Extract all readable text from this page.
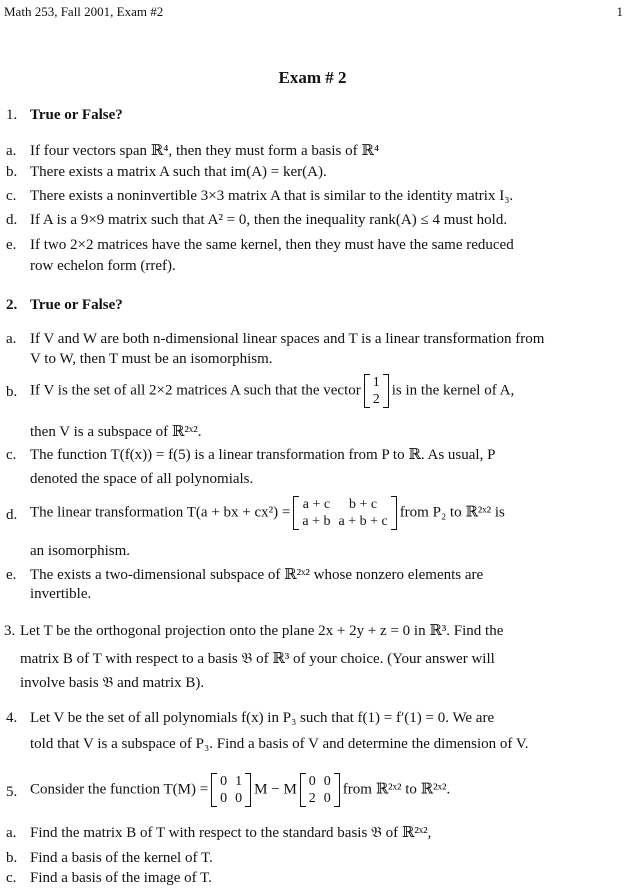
Math 253, Fall 2001, Exam #2	1
Exam # 2
1. True or False?
a. If four vectors span ℝ⁴, then they must form a basis of ℝ⁴
b. There exists a matrix A such that im(A) = ker(A).
c. There exists a noninvertible 3×3 matrix A that is similar to the identity matrix I₃.
d. If A is a 9×9 matrix such that A² = 0, then the inequality rank(A) ≤ 4 must hold.
e. If two 2×2 matrices have the same kernel, then they must have the same reduced
row echelon form (rref).
2. True or False?
a. If V and W are both n-dimensional linear spaces and T is a linear transformation from
V to W, then T must be an isomorphism.
b. If V is the set of all 2×2 matrices A such that the vector 1
2
is in the kernel of A,
then V is a subspace of ℝ²ˣ².
c. The function T(f(x)) = f(5) is a linear transformation from P to ℝ. As usual, P
denoted the space of all polynomials.
d. The linear transformation T(a + bx + cx²) = a + c	b + c
a + b	a + b + c
from P₂ to ℝ²ˣ² is
an isomorphism.
e. The exists a two-dimensional subspace of ℝ²ˣ² whose nonzero elements are
invertible.
3. Let T be the orthogonal projection onto the plane 2x + 2y + z = 0 in ℝ³. Find the
matrix B of T with respect to a basis 𝔅 of ℝ³ of your choice. (Your answer will
involve basis 𝔅 and matrix B).
4. Let V be the set of all polynomials f(x) in P₃ such that f(1) = f′(1) = 0. We are
told that V is a subspace of P₃. Find a basis of V and determine the dimension of V.
5. Consider the function T(M) = 0	1
0	0
M − M 0	0
2	0
from ℝ²ˣ² to ℝ²ˣ².
a. Find the matrix B of T with respect to the standard basis 𝔅 of ℝ²ˣ²,
b. Find a basis of the kernel of T.
c. Find a basis of the image of T.
